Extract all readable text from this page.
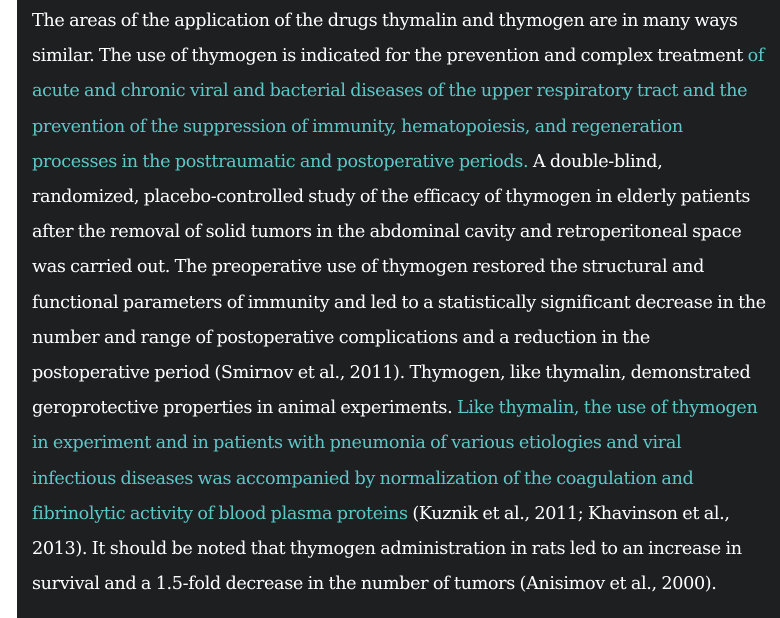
The areas of the application of the drugs thymalin and thymogen are in many ways similar. The use of thymogen is indicated for the prevention and complex treatment of acute and chronic viral and bacterial diseases of the upper respiratory tract and the prevention of the suppression of immunity, hematopoiesis, and regeneration processes in the posttraumatic and postoperative periods. A double-blind, randomized, placebo-controlled study of the efficacy of thymogen in elderly patients after the removal of solid tumors in the abdominal cavity and retroperitoneal space was carried out. The preoperative use of thymogen restored the structural and functional parameters of immunity and led to a statistically significant decrease in the number and range of postoperative complications and a reduction in the postoperative period (Smirnov et al., 2011). Thymogen, like thymalin, demonstrated geroprotective properties in animal experiments. Like thymalin, the use of thymogen in experiment and in patients with pneumonia of various etiologies and viral infectious diseases was accompanied by normalization of the coagulation and fibrinolytic activity of blood plasma proteins (Kuznik et al., 2011; Khavinson et al., 2013). It should be noted that thymogen administration in rats led to an increase in survival and a 1.5-fold decrease in the number of tumors (Anisimov et al., 2000).
